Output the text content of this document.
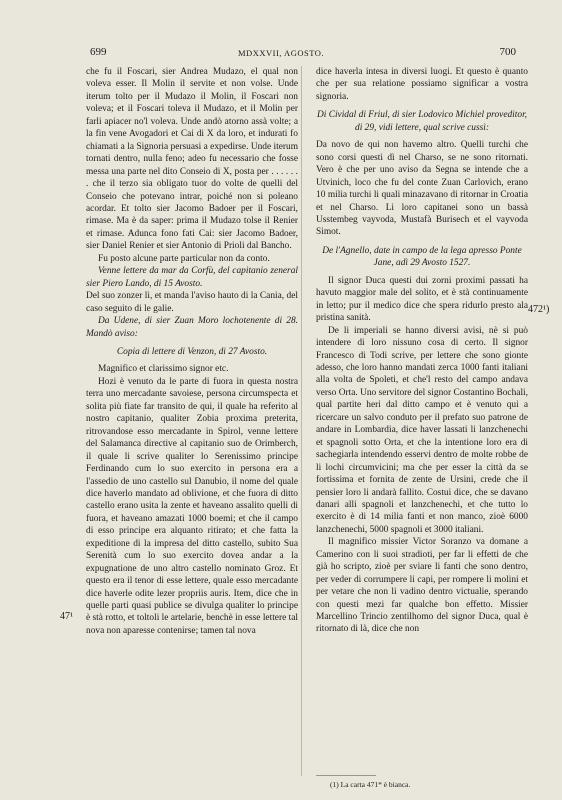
699	MDXXVII, AGOSTO.	700

che fu il Foscari, sier Andrea Mudazo, el qual non voleva esser. Il Molin il servite et non volse. Unde iterum tolto per il Mudazo il Molin, il Foscari non voleva; et il Foscari toleva il Mudazo, et il Molin per farli apiacer no'l voleva. Unde andò atorno assà volte; a la fin vene Avogadori et Cai di X da loro, et indurati fo chiamati a la Signoria persuasi a expedirse. Unde iterum tornati dentro, nulla feno; adeo fu necessario che fosse messa una parte nel dito Conseio di X, posta per . . . . . . . che il terzo sia obligato tuor do volte de quelli del Conseio che potevano intrar, poiché non si poleano acordar. Et tolto sier Jacomo Badoer per il Foscari, rimase. Ma è da saper: prima il Mudazo tolse il Renier et rimase. Adunca fono fati Cai: sier Jacomo Badoer, sier Daniel Renier et sier Antonio di Prioli dal Bancho.

Fu posto alcune parte particular non da conto.

Venne lettere da mar da Corfù, del capitanio zeneral sier Piero Lando, di 15 Avosto.

Del suo zonzer lì, et manda l'aviso hauto di la Cania, del caso seguito di le galie.

Da Udene, di sier Zuan Moro lochotenente di 28. Mandò aviso:

Copia di lettere di Venzon, di 27 Avosto.

Magnifico et clarissimo signor etc.

Hozi è venuto da le parte di fuora in questa nostra terra uno mercadante savoiese, persona circumspecta et solita più fiate far transito de qui, il quale ha referito al nostro capitanio, qualiter Zobia proxima preterita, ritrovandose esso mercadante in Spirol, venne lettere del Salamanca directive al capitanio suo de Orimberch, il quale li scrive qualiter lo Serenissimo principe Ferdinando cum lo suo exercito in persona era a l'assedio de uno castello sul Danubio, il nome del quale dice haverlo mandato ad oblivione, et che fuora di ditto castello erano usita la zente et haveano assalito quelli di fuora, et haveano amazati 1000 boemi; et che il campo di esso principe era alquanto ritirato; et che fatta la expeditione di la impresa del ditto castello, subito Sua Serenità cum lo suo exercito dovea andar a la expugnatione de uno altro castello nominato Groz. Et questo era il tenor di esse lettere, quale esso mercadante dice haverle odite lezer propriis auris. Item, dice che in quelle parti quasi publice se divulga qualiter lo principe è stà rotto, et toltoli le artelarie, benchè in esse lettere tal nova non aparesse contenirse; tamen tal nova

dice haverla intesa in diversi luogi. Et questo è quanto che per sua relatione possiamo significar a vostra signoria.

Di Cividal di Friul, di sier Lodovico Michiel proveditor, di 29, vidi lettere, qual scrive cussì:

Da novo de qui non havemo altro. Quelli turchi che sono corsi questi dì nel Charso, se ne sono ritornati. Vero è che per uno aviso da Segna se intende che a Utvinich, loco che fu del conte Zuan Carlovich, erano 10 milia turchi li quali minazavano di ritornar in Croatia et nel Charso. Li loro capitanei sono un bassà Usstembeg vayvoda, Mustafà Burisech et el vayvoda Simot.

De l'Agnello, date in campo de la lega apresso Ponte Jane, adì 29 Avosto 1527.

Il signor Duca questi dui zorni proximi passati ha havuto maggior male del solito, et è stà continuamente in letto; pur il medico dice che spera ridurlo presto ala pristina sanità.

De li imperiali se hanno diversi avisi, nè si può intendere di loro nissuno cosa di certo. Il signor Francesco di Todi scrive, per lettere che sono gionte adesso, che loro hanno mandati zerca 1000 fanti italiani alla volta de Spoleti, et che'l resto del campo andava verso Orta. Uno servitore del signor Costantino Bochali, qual partite heri dal ditto campo et è venuto qui a ricercare un salvo conduto per il prefato suo patrone de andare in Lombardia, dice haver lassati li lanzchenechi et spagnoli sotto Orta, et che la intentione loro era di sachegiarla intendendo esservi dentro de molte robbe de li lochi circumvicini; ma che per esser la città da se fortissima et fornita de zente de Ursini, crede che il pensier loro li andarà fallito. Costui dice, che se davano danari alli spagnoli et lanzchenechi, et che tutto lo exercito è di 14 milia fanti et non manco, zioè 6000 lanzchenechi, 5000 spagnoli et 3000 italiani.

Il magnifico missier Victor Soranzo va domane a Camerino con li suoi stradioti, per far li effetti de che già ho scripto, zioè per sviare li fanti che sono dentro, per veder di corrumpere li capi, per rompere li molini et per vetare che non li vadino dentro victualie, sperando con questi mezi far qualche bon effetto. Missier Marcellino Trincio zentilhomo del signor Duca, qual è ritornato di là, dice che non

47¹
472¹)
(1) La carta 471* è bianca.
